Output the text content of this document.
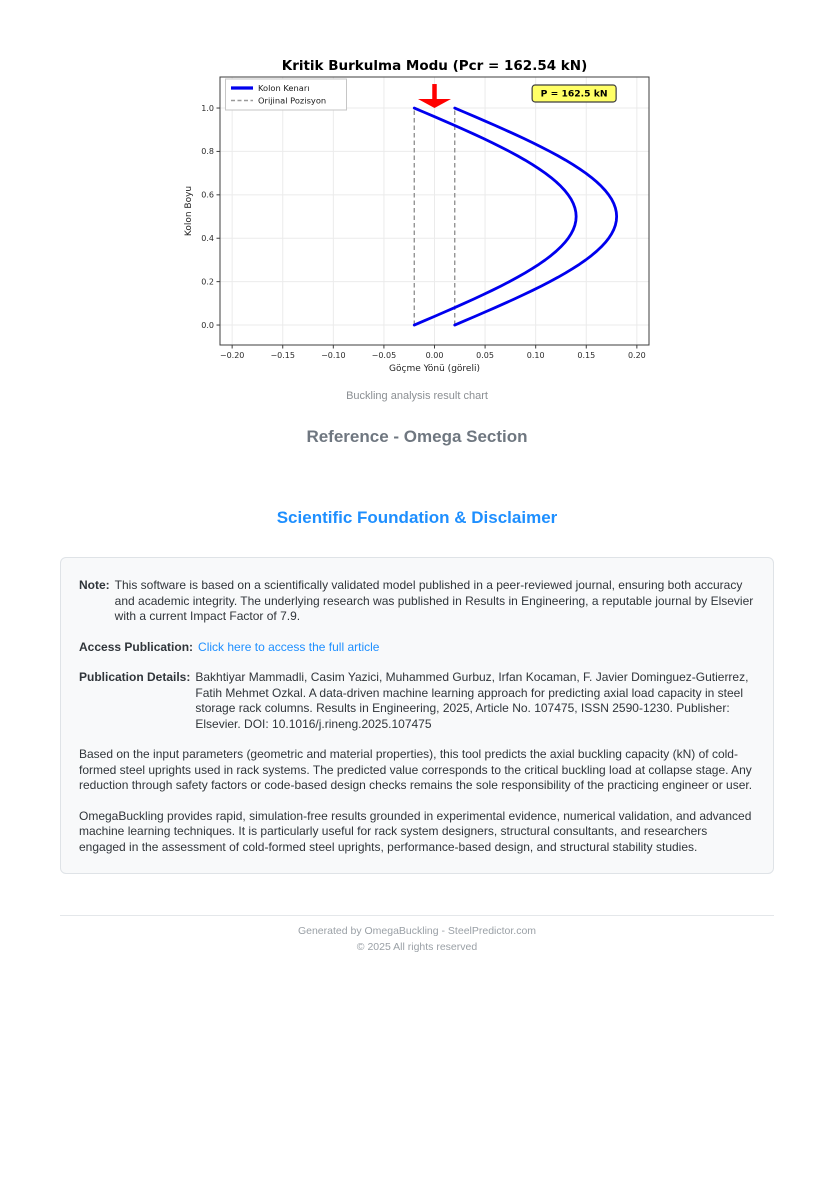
−0.20	−0.15	−0.10	−0.05	0.00	0.05	0.10	0.15	0.20
0.0
0.2
0.4
0.6
0.8
1.0
Kritik Burkulma Modu (Pcr = 162.54 kN)
Göçme Yönü (göreli)
Kolon Boyu
P = 162.5 kN
Kolon Kenarı
Orijinal Pozisyon
Buckling analysis result chart
Reference - Omega Section
Scientific Foundation & Disclaimer
Note: This software is based on a scientifically validated model published in a peer-reviewed journal, ensuring both accuracy and academic integrity. The underlying research was published in Results in Engineering, a reputable journal by Elsevier with a current Impact Factor of 7.9.
Access Publication: Click here to access the full article
Publication Details: Bakhtiyar Mammadli, Casim Yazici, Muhammed Gurbuz, Irfan Kocaman, F. Javier Dominguez-Gutierrez, Fatih Mehmet Ozkal. A data-driven machine learning approach for predicting axial load capacity in steel storage rack columns. Results in Engineering, 2025, Article No. 107475, ISSN 2590-1230. Publisher: Elsevier. DOI: 10.1016/j.rineng.2025.107475

Based on the input parameters (geometric and material properties), this tool predicts the axial buckling capacity (kN) of cold-formed steel uprights used in rack systems. The predicted value corresponds to the critical buckling load at collapse stage. Any reduction through safety factors or code-based design checks remains the sole responsibility of the practicing engineer or user.

OmegaBuckling provides rapid, simulation-free results grounded in experimental evidence, numerical validation, and advanced machine learning techniques. It is particularly useful for rack system designers, structural consultants, and researchers engaged in the assessment of cold-formed steel uprights, performance-based design, and structural stability studies.

Generated by OmegaBuckling - SteelPredictor.com
© 2025 All rights reserved
